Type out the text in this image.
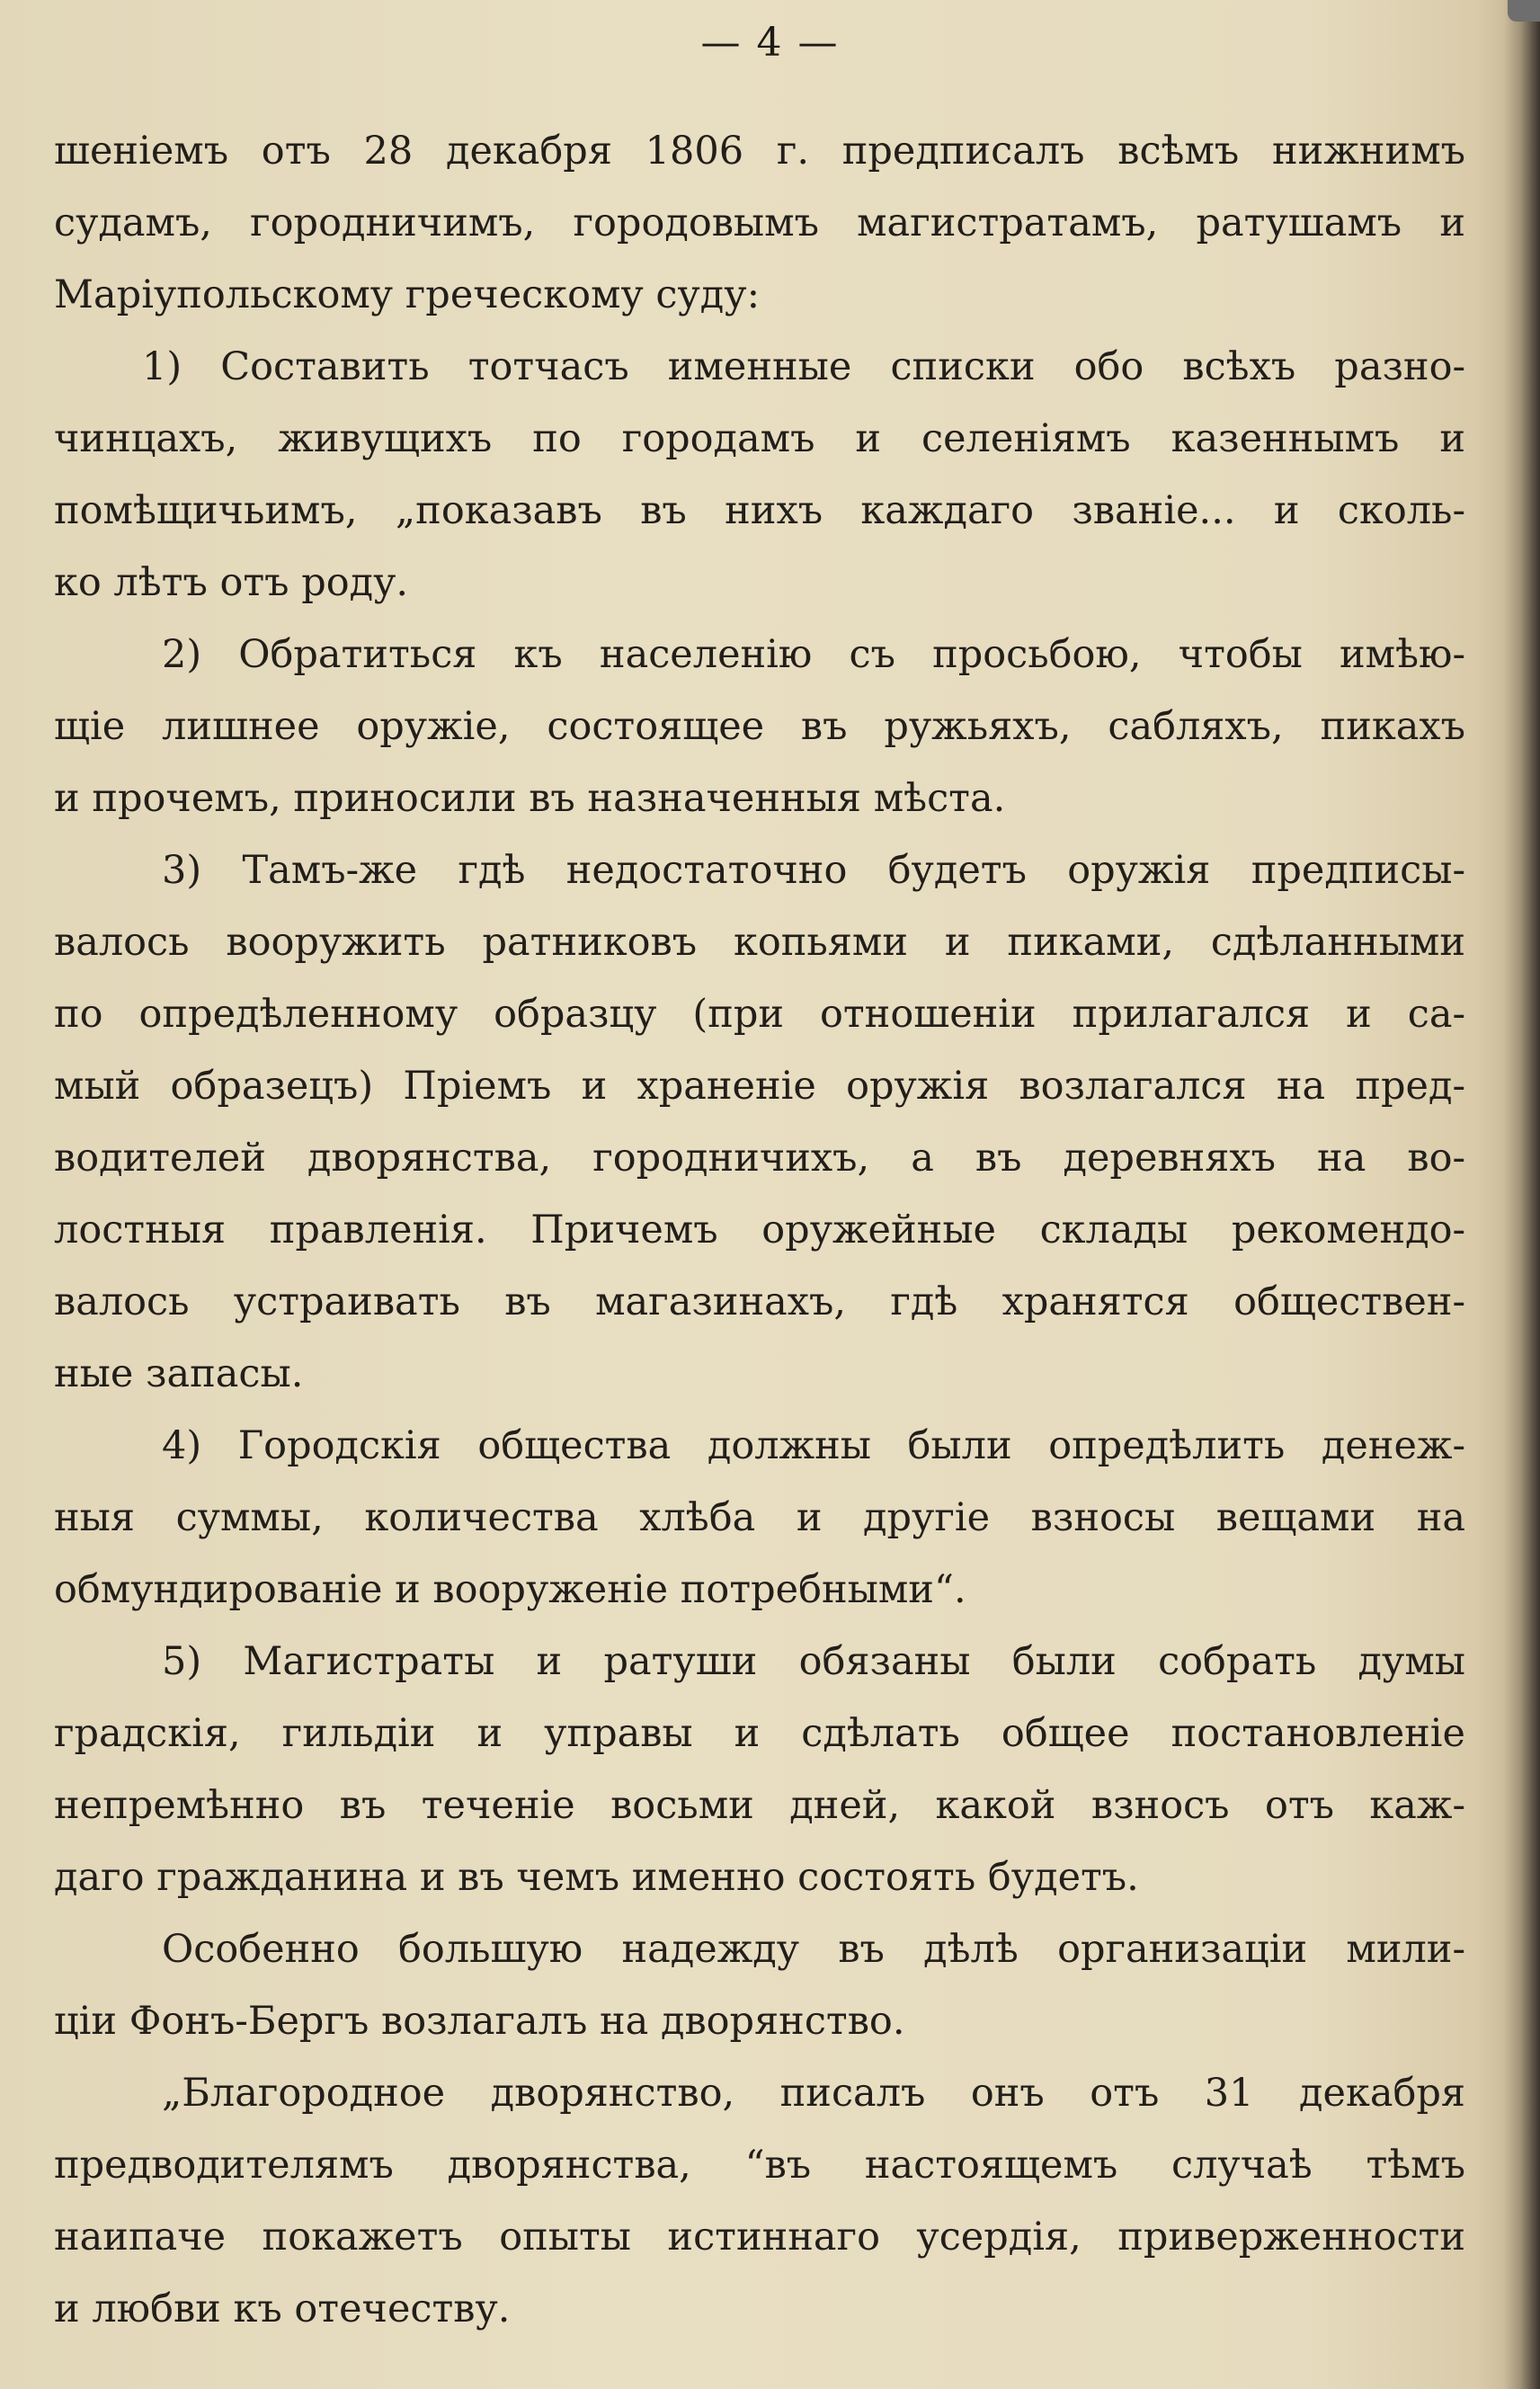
— 4 —
шеніемъ отъ 28 декабря 1806 г. предписалъ всѣмъ нижнимъ
судамъ, городничимъ, городовымъ магистратамъ, ратушамъ и
Маріупольскому греческому суду:
1) Составить тотчасъ именные списки обо всѣхъ разно-
чинцахъ, живущихъ по городамъ и селеніямъ казеннымъ и
помѣщичьимъ, „показавъ въ нихъ каждаго званіе... и сколь-
ко лѣтъ отъ роду.
2) Обратиться къ населенію съ просьбою, чтобы имѣю-
щіе лишнее оружіе, состоящее въ ружьяхъ, сабляхъ, пикахъ
и прочемъ, приносили въ назначенныя мѣста.
3) Тамъ-же гдѣ недостаточно будетъ оружія предписы-
валось вооружить ратниковъ копьями и пиками, сдѣланными
по опредѣленному образцу (при отношеніи прилагался и са-
мый образецъ) Пріемъ и храненіе оружія возлагался на пред-
водителей дворянства, городничихъ, а въ деревняхъ на во-
лостныя правленія. Причемъ оружейные склады рекомендо-
валось устраивать въ магазинахъ, гдѣ хранятся обществен-
ные запасы.
4) Городскія общества должны были опредѣлить денеж-
ныя суммы, количества хлѣба и другіе взносы вещами на
обмундированіе и вооруженіе потребными“.
5) Магистраты и ратуши обязаны были собрать думы
градскія, гильдіи и управы и сдѣлать общее постановленіе
непремѣнно въ теченіе восьми дней, какой взносъ отъ каж-
даго гражданина и въ чемъ именно состоять будетъ.
Особенно большую надежду въ дѣлѣ организаціи мили-
ціи Фонъ-Бергъ возлагалъ на дворянство.
„Благородное дворянство, писалъ онъ отъ 31 декабря
предводителямъ дворянства, “въ настоящемъ случаѣ тѣмъ
наипаче покажетъ опыты истиннаго усердія, приверженности
и любви къ отечеству.
